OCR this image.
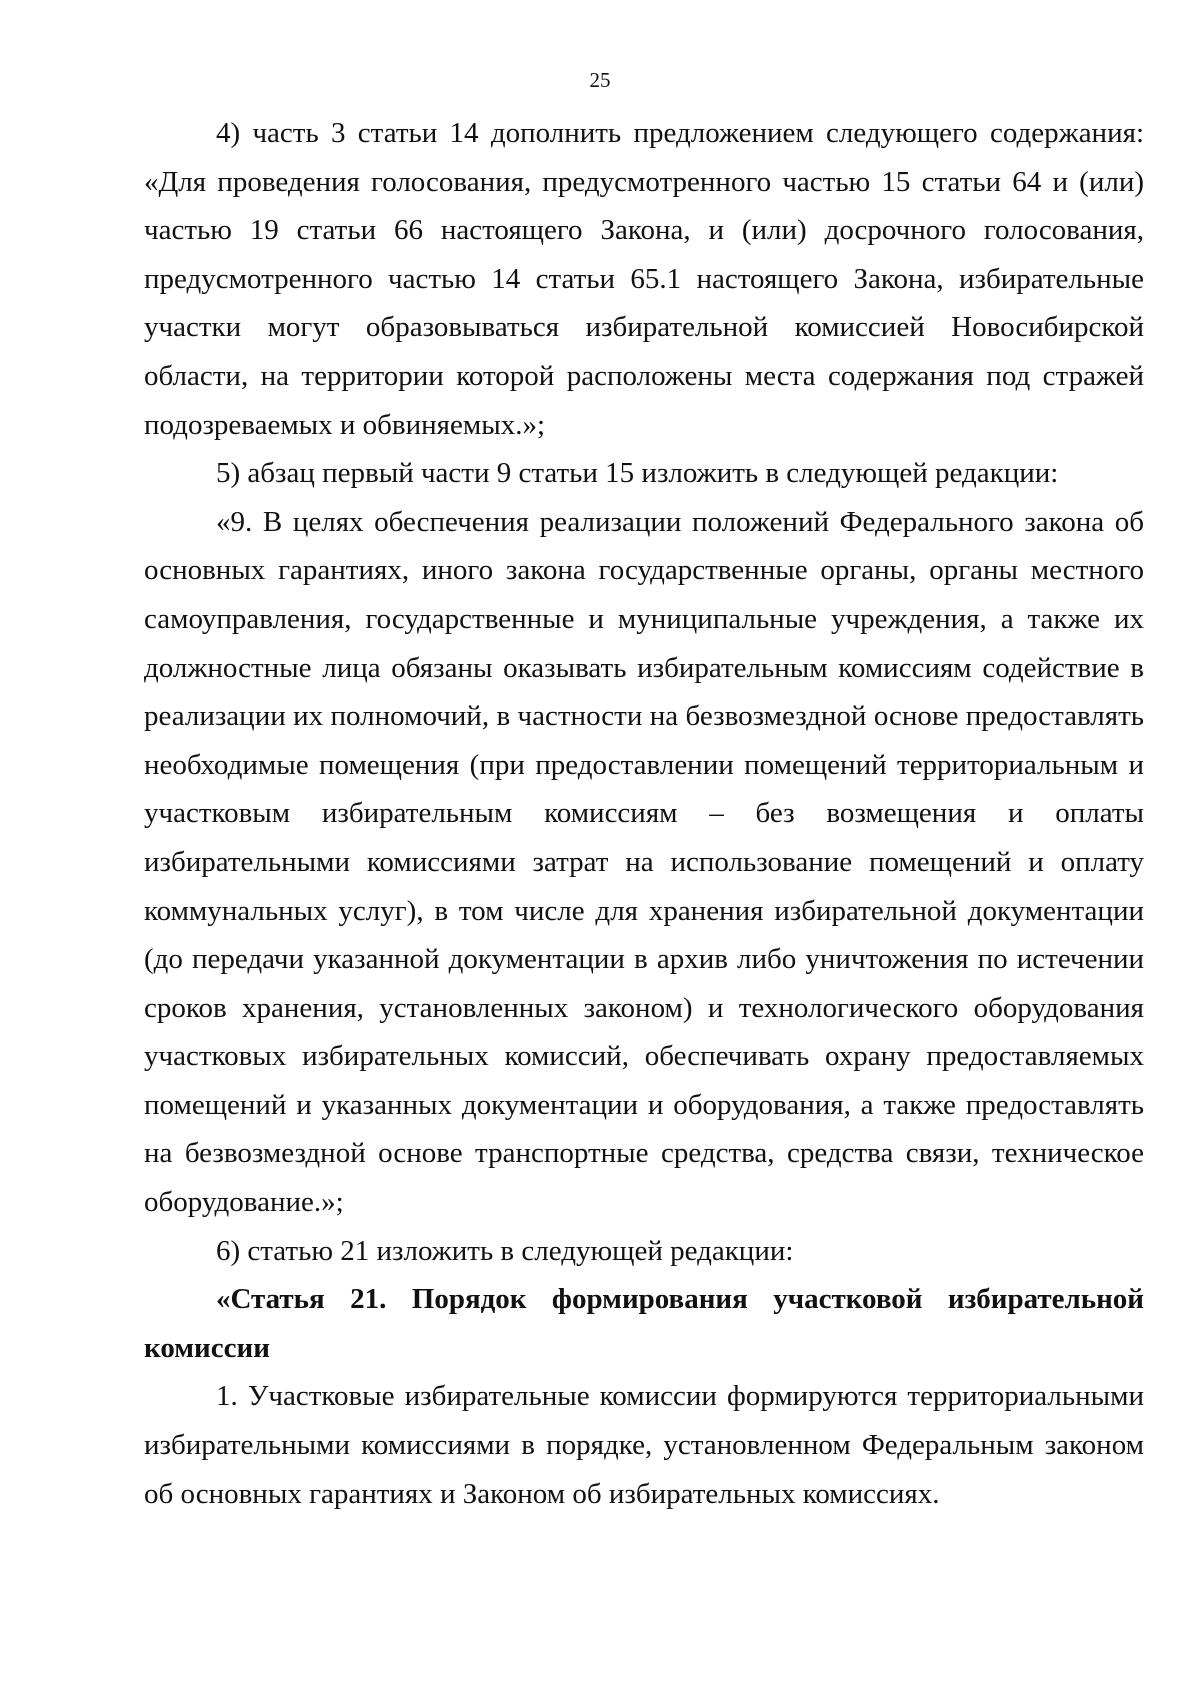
25

4) часть 3 статьи 14 дополнить предложением следующего содержания: «Для проведения голосования, предусмотренного частью 15 статьи 64 и (или) частью 19 статьи 66 настоящего Закона, и (или) досрочного голосования, предусмотренного частью 14 статьи 65.1 настоящего Закона, избирательные участки могут образовываться избирательной комиссией Новосибирской области, на территории которой расположены места содержания под стражей подозреваемых и обвиняемых.»;

5) абзац первый части 9 статьи 15 изложить в следующей редакции:

«9. В целях обеспечения реализации положений Федерального закона об основных гарантиях, иного закона государственные органы, органы местного самоуправления, государственные и муниципальные учреждения, а также их должностные лица обязаны оказывать избирательным комиссиям содействие в реализации их полномочий, в частности на безвозмездной основе предоставлять необходимые помещения (при предоставлении помещений территориальным и участковым избирательным комиссиям – без возмещения и оплаты избирательными комиссиями затрат на использование помещений и оплату коммунальных услуг), в том числе для хранения избирательной документации (до передачи указанной документации в архив либо уничтожения по истечении сроков хранения, установленных законом) и технологического оборудования участковых избирательных комиссий, обеспечивать охрану предоставляемых помещений и указанных документации и оборудования, а также предоставлять на безвозмездной основе транспортные средства, средства связи, техническое оборудование.»;

6) статью 21 изложить в следующей редакции:

«Статья 21. Порядок формирования участковой избирательной комиссии

1. Участковые избирательные комиссии формируются территориальными избирательными комиссиями в порядке, установленном Федеральным законом об основных гарантиях и Законом об избирательных комиссиях.
